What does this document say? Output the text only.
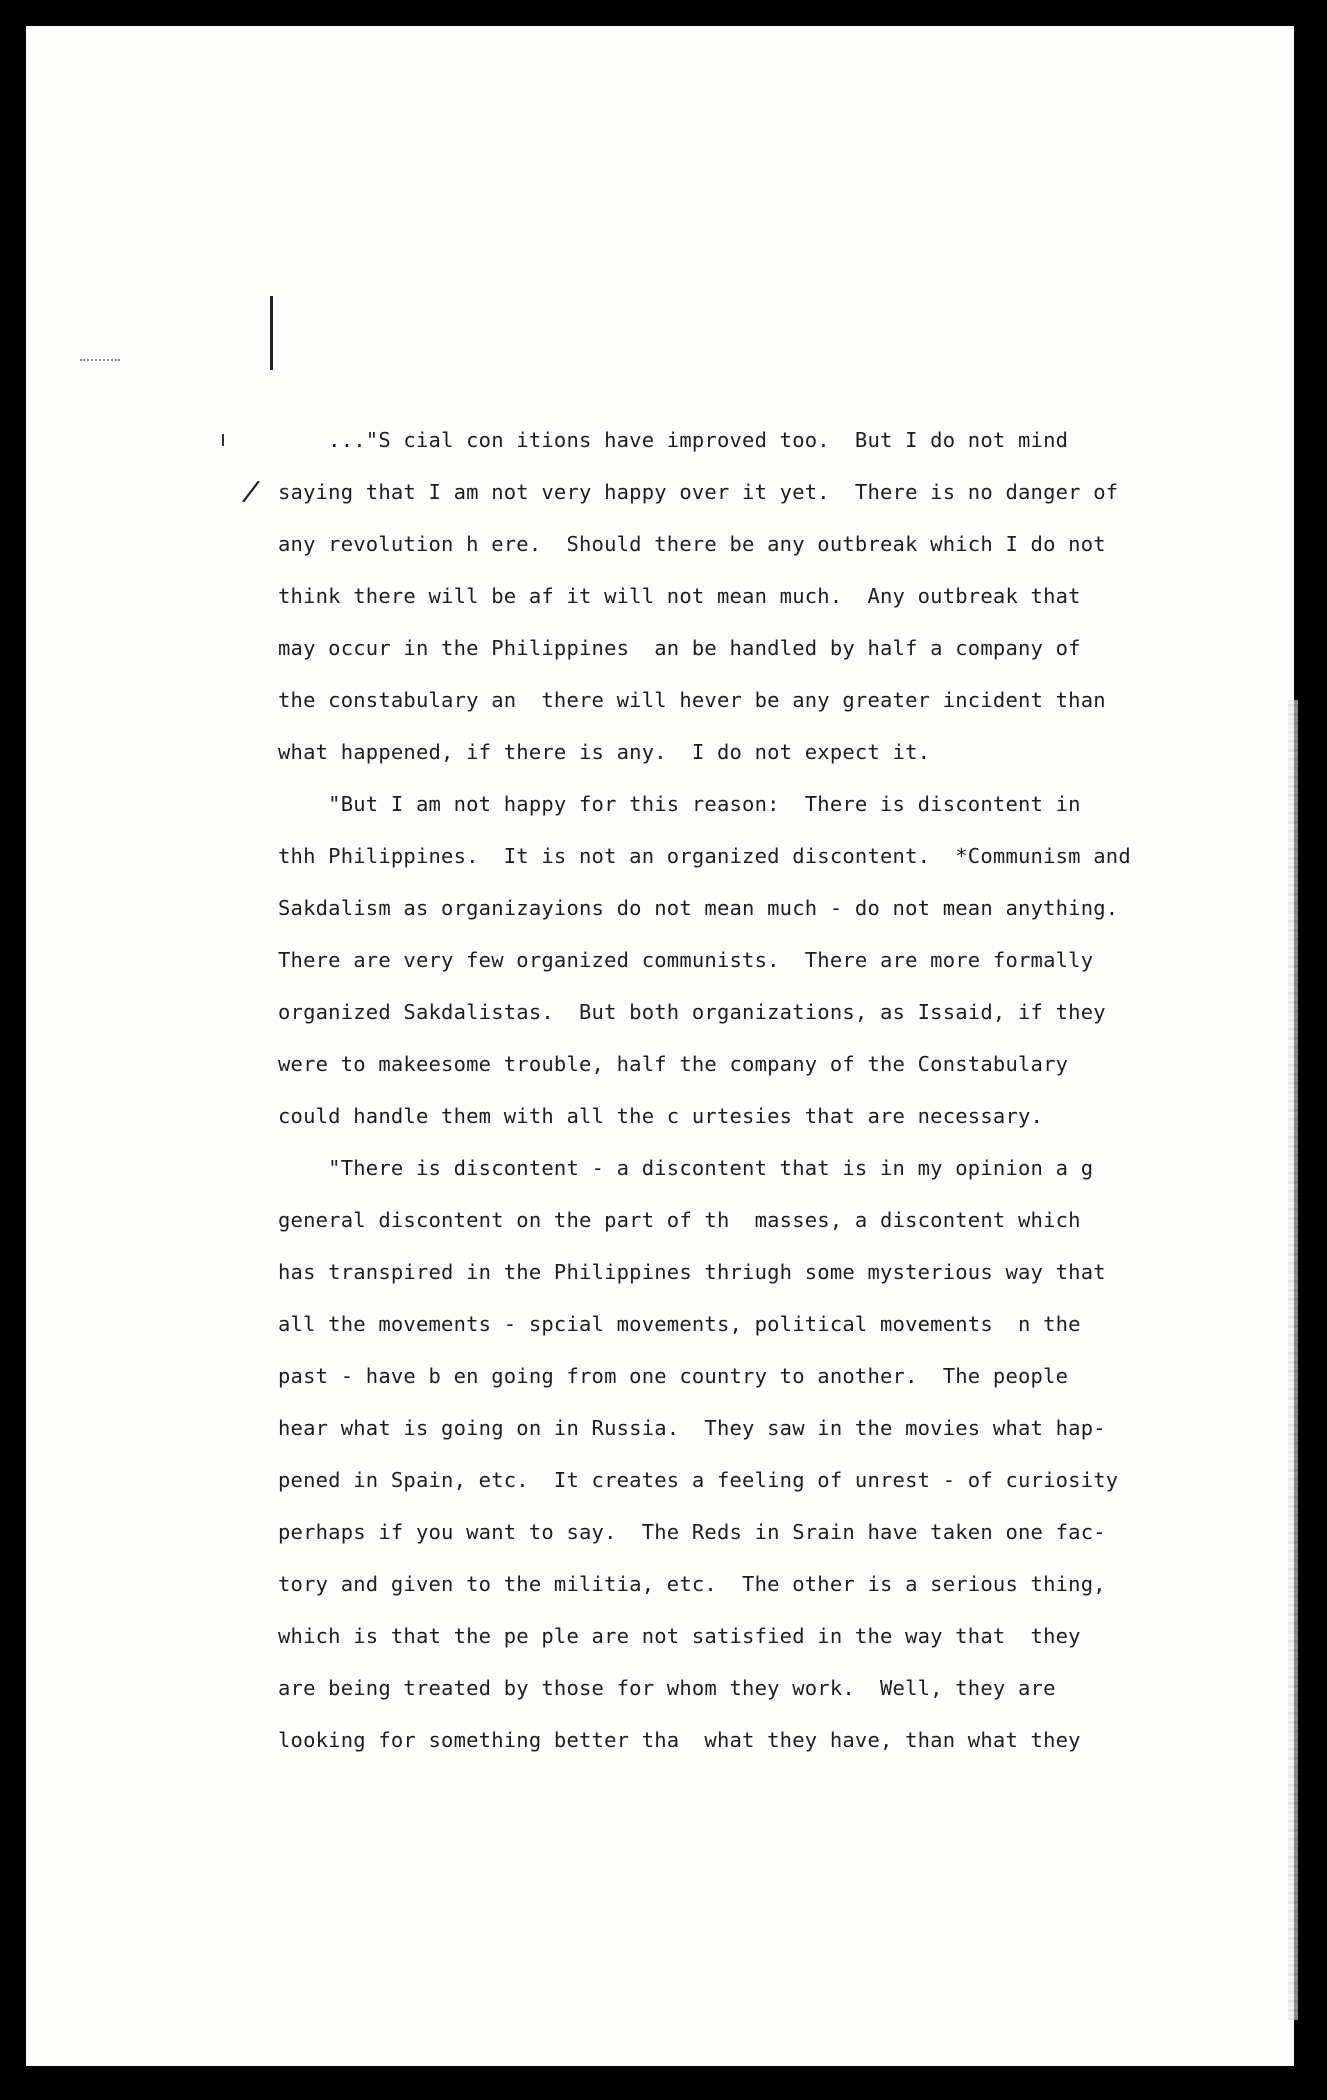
/
..."S cial con itions have improved too.  But I do not mind
saying that I am not very happy over it yet.  There is no danger of
any revolution h ere.  Should there be any outbreak which I do not
think there will be af it will not mean much.  Any outbreak that
may occur in the Philippines  an be handled by half a company of
the constabulary an  there will hever be any greater incident than
what happened, if there is any.  I do not expect it.
"But I am not happy for this reason:  There is discontent in
thh Philippines.  It is not an organized discontent.  *Communism and
Sakdalism as organizayions do not mean much - do not mean anything.
There are very few organized communists.  There are more formally
organized Sakdalistas.  But both organizations, as Issaid, if they
were to makeesome trouble, half the company of the Constabulary
could handle them with all the c urtesies that are necessary.
"There is discontent - a discontent that is in my opinion a g
general discontent on the part of th  masses, a discontent which
has transpired in the Philippines thriugh some mysterious way that
all the movements - spcial movements, political movements  n the
past - have b en going from one country to another.  The people
hear what is going on in Russia.  They saw in the movies what hap-
pened in Spain, etc.  It creates a feeling of unrest - of curiosity
perhaps if you want to say.  The Reds in Srain have taken one fac-
tory and given to the militia, etc.  The other is a serious thing,
which is that the pe ple are not satisfied in the way that  they
are being treated by those for whom they work.  Well, they are
looking for something better tha  what they have, than what they
